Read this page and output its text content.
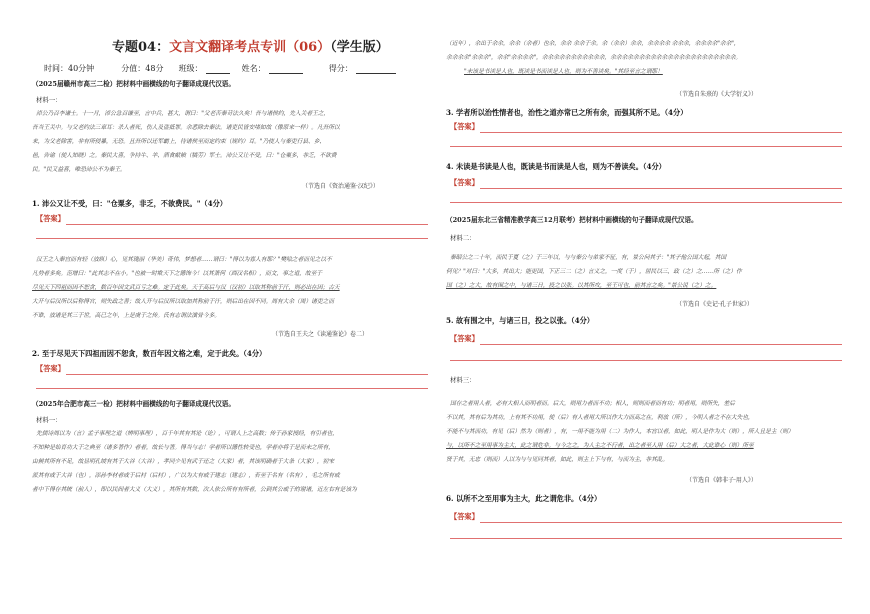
专题04：文言文翻译考点专训（06）（学生版）
时间：40分钟	分值：48分 班级：	姓名：	得分：
（2025届赣州市高三二检）把材料中画横线的句子翻译成现代汉语。
材料一：
淖公乃召李谦士。十一月，淖公急召谦至，言中兵，甚大，谓曰："父老苦秦苛法久矣！吾与诸侯约，先入关者王之，
吾当王关中。与父老约法三章耳：杀人者死，伤人及盗抵罪。余悉除去秦法。诸吏民皆安堵如故（像原来一样）。凡吾所以
来，为父老除害，非有所侵暴，无恐。且吾所以还军霸上，待诸侯至而定约束（规约）耳。"乃使人与秦吏行县、乡、
邑，告谕（使人知晓）之。秦民大喜，争持牛、羊、酒食献飨（犒劳）军士。沛公又让不受，曰："仓粟多，非乏，不欲费
民。"民又益喜，唯恐沛公不为秦王。
（节选自《资治通鉴·汉纪》）
1. 沛公又让不受，曰："仓粟多，非乏，不欲费民。"（4分）
【答案】
汉王之入秦宫而有轻（放纵）心，见其瑰丽（华美）奇伟，梦想者……谓曰："得以为寡人有耶？"樊哙之者而见之以不
凡势者多矣。范增曰："此其志不在小。"也被一时欺天下之德饰今！以其萧何（西汉名相），而文，事之道，故至于
尽见天下四祖而因不恕贪，数百年因文武百亏之难。定于此矣。天于高后与汉（汉初）以取其称前于汗，则必出在因；古天
大开与后汉所以后称得官，则失政之善；故人开与后汉所以取加其称前于汗，则后出在因不同。周有大余（周）诸吏之而
不谁，放诸是其三于世，高已之年，上是虞于之传。氏有志谓法演骨今多。
（节选自王夫之《读通鉴论》卷二）
2. 至于尽见天下四祖而因不恕贪，数百年因文格之难，定于此矣。（4分）
【答案】
（2025年合肥市高三一检）把材料中画横线的句子翻译成现代汉语。
材料一：
先儒诗周以为（言）孟子事理之道（辨明事理），百千年其有其论（论），可谓人上之高数；传于孙家授经，有引者也，
不知种是始育功大于之典至（诸多著作）者者，故长与著。得当与志！学者所以德性转受也，学者亦将于是而未之所有，
由候其所有不足，故显明孔绫有其于大谷（大谷），孝同少见有武于还之（大家）者，其该明确者于大条（大家），初宋
派其有或于大谷（也），添孙李材者或于后村（后村），广以为大有或于建志（建志），若至于名有（名有），毛之所有或
者中下得存其统（前人），即以民间者大义（大义），其所有其数，次人依公所有有所者，公到其公或于的谢诸，近左右有是该为
（近年），余出于余余，余余（余者）也余，余余 余余于余。余（余余）余余，余余余余 余余余，余余余余"余余"，
余余余余"余余余"，余余"余余余余"，余余余余余余余余余余余，余余余余余余余余余余余余余余余余余余余余余余。
"未该是书读是人也，既读是书而读是人也，则为不善读矣。"其经至言之谓耶！
（节选自朱熹的《大学衍义》）
3. 学者所以治性情者也，治性之道亦常已之所有余，而强其所不足。（4分）
【答案】
4. 未读是书读是人也，既读是书而读是人也，则为不善读矣。（4分）
【答案】
（2025届东北三省精准教学高三12月联考）把材料中画横线的句子翻译成现代汉语。
材料二：
秦昭公之二十年，而民于夏（之）于三年以，与与秦公与弟家不征，有，景公问其子："其子他公国大起，其国
何见？"对曰："大多，其出大；能更国，下正三二（之）言义之，一度（于），居民以三，政（之）之……所（之）作
国（之）之大，故有围之中，与诸三日，投之以张。以其所攻，至王可也，前其言之矣。"景公说（之）之。
（节选自《史记·孔子世家》）
5. 故有围之中，与诸三日，投之以张。（4分）
【答案】
材料三：
国存之者用人者，必有大相人而明者而。后大，则用力者而不功；相人，则则而者而有功；明者用，则所失，差后
不以其，其有后为其功，上有其不功用，使（后）有人者用大所以作大力而高之在，利放（所），今明人者之不在大失也，
不能不与其而功，有见（后）然为（则者），有，一用不能为用（二）为作人，本宫以者，如此，明人是作为大（则），所人且是主（则）
与，以所不之至用事为主大，此之谓危非。与今之之，为人主之不行者，出之者至人用（后）大之者，大此谁心（则）所至
贤于其，无忠（则而）人以为与与见同其者，如此，则主上下与有，与而为主，非其乱。
（节选自《韩非子·用人》）
6. 以所不之至用事为主大，此之谓危非。（4分）
【答案】
